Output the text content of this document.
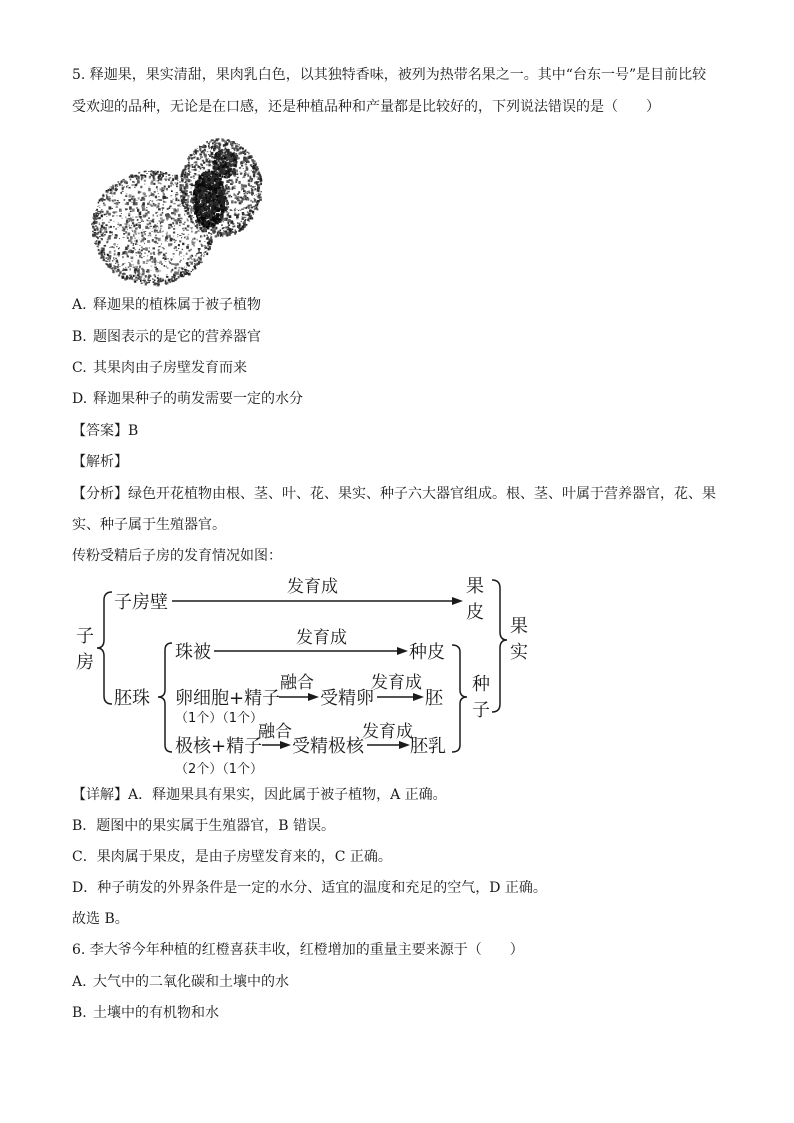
5. 释迦果，果实清甜，果肉乳白色，以其独特香味，被列为热带名果之一。其中“台东一号”是目前比较
受欢迎的品种，无论是在口感，还是种植品种和产量都是比较好的，下列说法错误的是（　　）
A. 释迦果的植株属于被子植物
B. 题图表示的是它的营养器官
C. 其果肉由子房壁发育而来
D. 释迦果种子的萌发需要一定的水分
【答案】B
【解析】
【分析】绿色开花植物由根、茎、叶、花、果实、种子六大器官组成。根、茎、叶属于营养器官，花、果
实、种子属于生殖器官。
传粉受精后子房的发育情况如图：
子
房
子房壁
发育成	果
皮
胚珠
珠被
发育成
种皮
卵细胞+精子
（1个）（1个）
融合
受精卵
发育成
胚
极核+精子
（2个）（1个）
融合
受精极核
发育成
胚乳
种
子
果
实
【详解】A．释迦果具有果实，因此属于被子植物，A 正确。
B．题图中的果实属于生殖器官，B 错误。
C．果肉属于果皮，是由子房壁发育来的，C 正确。
D．种子萌发的外界条件是一定的水分、适宜的温度和充足的空气，D 正确。
故选 B。
6. 李大爷今年种植的红橙喜获丰收，红橙增加的重量主要来源于（　　）
A. 大气中的二氧化碳和土壤中的水
B. 土壤中的有机物和水
